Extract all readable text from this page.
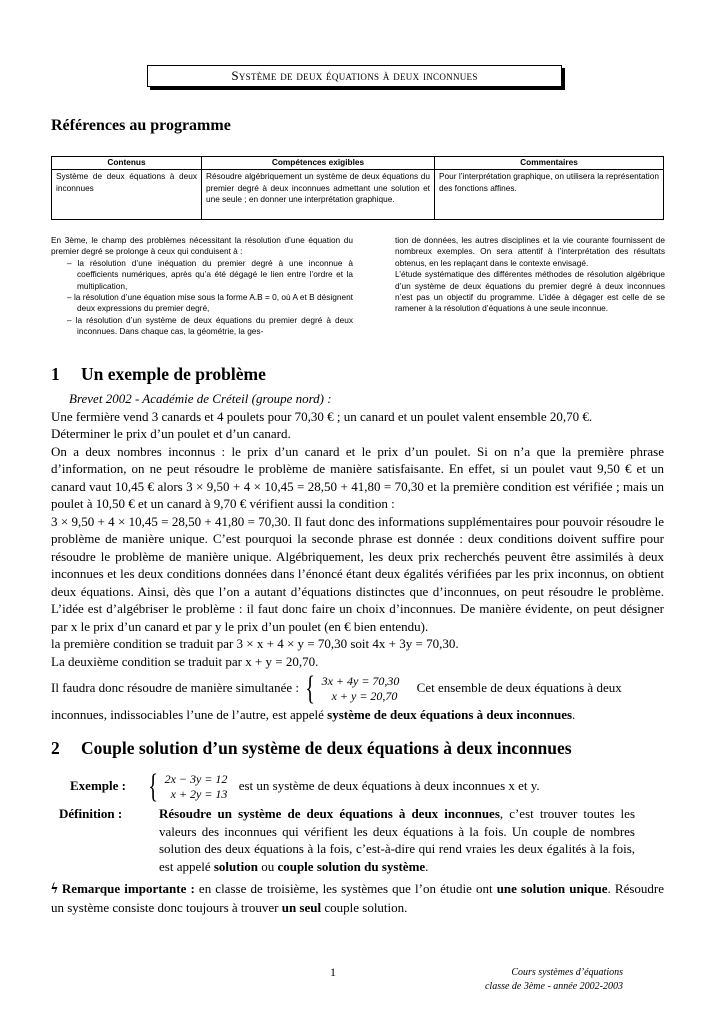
Système de deux équations à deux inconnues
Références au programme
Contenus	Compétences exigibles	Commentaires
Système de deux équations à deux inconnues	Résoudre algébriquement un système de deux équations du premier degré à deux inconnues admettant une solution et une seule ; en donner une interprétation graphique.	Pour l’interprétation graphique, on utilisera la représentation des fonctions affines.
En 3ème, le champ des problèmes nécessitant la résolution d’une équation du premier degré se prolonge à ceux qui conduisent à :
– la résolution d’une inéquation du premier degré à une inconnue à coefficients numériques, après qu’a été dégagé le lien entre l’ordre et la multiplication,
– la résolution d’une équation mise sous la forme A.B = 0, où A et B désignent deux expressions du premier degré,
– la résolution d’un système de deux équations du premier degré à deux inconnues. Dans chaque cas, la géométrie, la ges-
tion de données, les autres disciplines et la vie courante fournissent de nombreux exemples. On sera attentif à l’interprétation des résultats obtenus, en les replaçant dans le contexte envisagé.
L’étude systématique des différentes méthodes de résolution algébrique d’un système de deux équations du premier degré à deux inconnues n’est pas un objectif du programme. L’idée à dégager est celle de se ramener à la résolution d’équations à une seule inconnue.
1 Un exemple de problème
Brevet 2002 - Académie de Créteil (groupe nord) :
Une fermière vend 3 canards et 4 poulets pour 70,30 € ; un canard et un poulet valent ensemble 20,70 €.
Déterminer le prix d’un poulet et d’un canard.
On a deux nombres inconnus : le prix d’un canard et le prix d’un poulet. Si on n’a que la première phrase d’information, on ne peut résoudre le problème de manière satisfaisante. En effet, si un poulet vaut 9,50 € et un canard vaut 10,45 € alors 3 × 9,50 + 4 × 10,45 = 28,50 + 41,80 = 70,30 et la première condition est vérifiée ; mais un poulet à 10,50 € et un canard à 9,70 € vérifient aussi la condition :
3 × 9,50 + 4 × 10,45 = 28,50 + 41,80 = 70,30. Il faut donc des informations supplémentaires pour pouvoir résoudre le problème de manière unique. C’est pourquoi la seconde phrase est donnée : deux conditions doivent suffire pour résoudre le problème de manière unique. Algébriquement, les deux prix recherchés peuvent être assimilés à deux inconnues et les deux conditions données dans l’énoncé étant deux égalités vérifiées par les prix inconnus, on obtient deux équations. Ainsi, dès que l’on a autant d’équations distinctes que d’inconnues, on peut résoudre le problème. L’idée est d’algébriser le problème : il faut donc faire un choix d’inconnues. De manière évidente, on peut désigner par x le prix d’un canard et par y le prix d’un poulet (en € bien entendu).
la première condition se traduit par 3 × x + 4 × y = 70,30 soit 4x + 3y = 70,30.
La deuxième condition se traduit par x + y = 20,70.
Il faudra donc résoudre de manière simultanée : { 3x + 4y = 70,30
x + y = 20,70
Cet ensemble de deux équations à deux
inconnues, indissociables l’une de l’autre, est appelé système de deux équations à deux inconnues.
2 Couple solution d’un système de deux équations à deux inconnues
Exemple : { 2x − 3y = 12
x + 2y = 13
est un système de deux équations à deux inconnues x et y.
Définition :	Résoudre un système de deux équations à deux inconnues, c’est trouver toutes les valeurs des inconnues qui vérifient les deux équations à la fois. Un couple de nombres solution des deux équations à la fois, c’est-à-dire qui rend vraies les deux égalités à la fois, est appelé solution ou couple solution du système.
ϟ Remarque importante : en classe de troisième, les systèmes que l’on étudie ont une solution unique. Résoudre un système consiste donc toujours à trouver un seul couple solution.
1	Cours systèmes d’équations
classe de 3ème - année 2002-2003
